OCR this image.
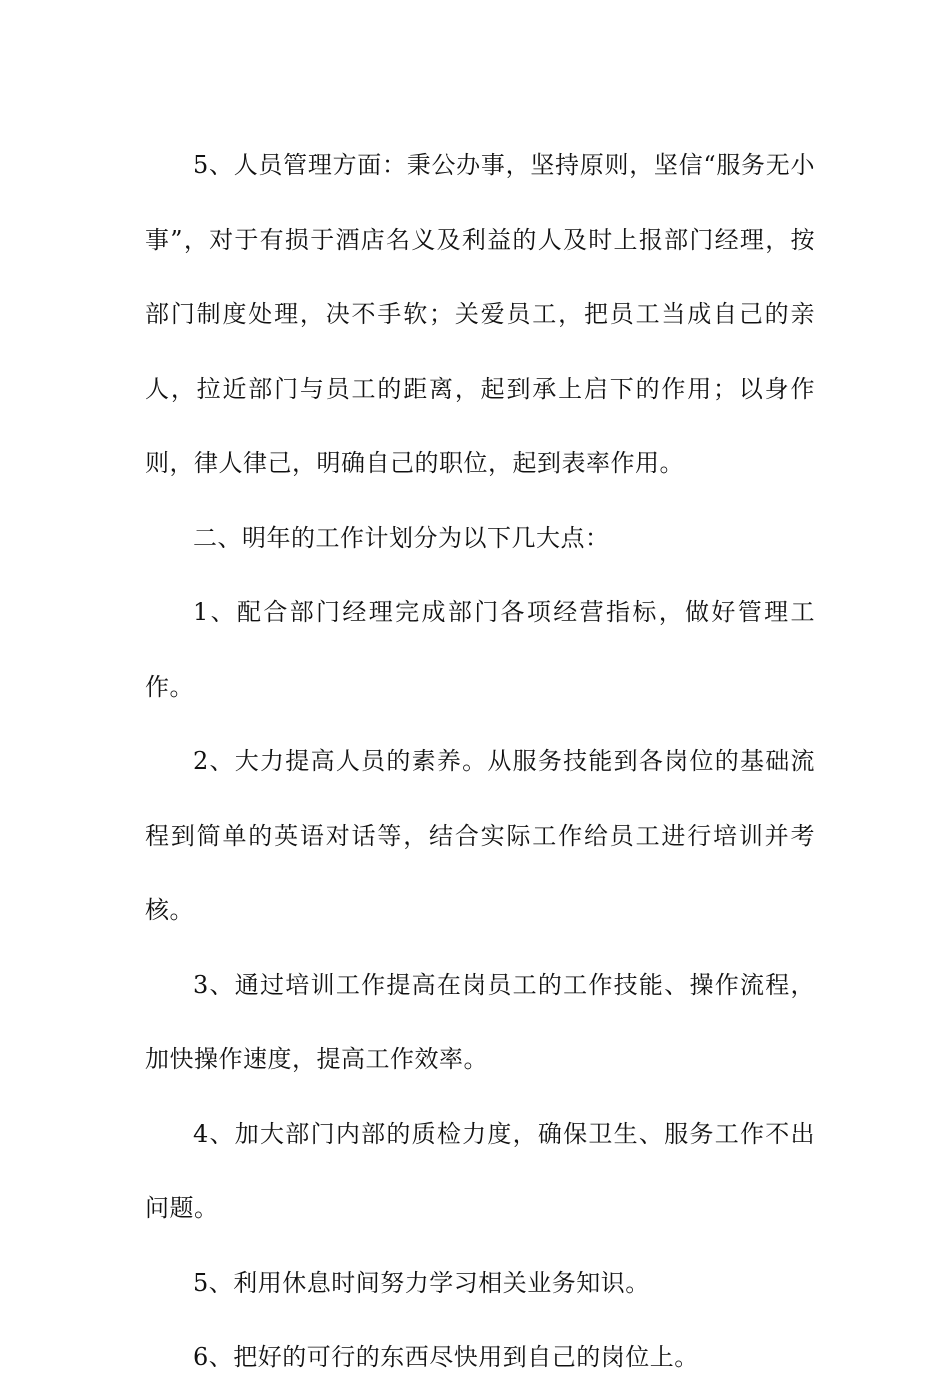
5、人员管理方面：秉公办事，坚持原则，坚信“服务无小事”，对于有损于酒店名义及利益的人及时上报部门经理，按部门制度处理，决不手软；关爱员工，把员工当成自己的亲人，拉近部门与员工的距离，起到承上启下的作用；以身作则，律人律己，明确自己的职位，起到表率作用。

二、明年的工作计划分为以下几大点：

1、配合部门经理完成部门各项经营指标，做好管理工作。

2、大力提高人员的素养。从服务技能到各岗位的基础流程到简单的英语对话等，结合实际工作给员工进行培训并考核。

3、通过培训工作提高在岗员工的工作技能、操作流程，加快操作速度，提高工作效率。

4、加大部门内部的质检力度，确保卫生、服务工作不出问题。

5、利用休息时间努力学习相关业务知识。

6、把好的可行的东西尽快用到自己的岗位上。
